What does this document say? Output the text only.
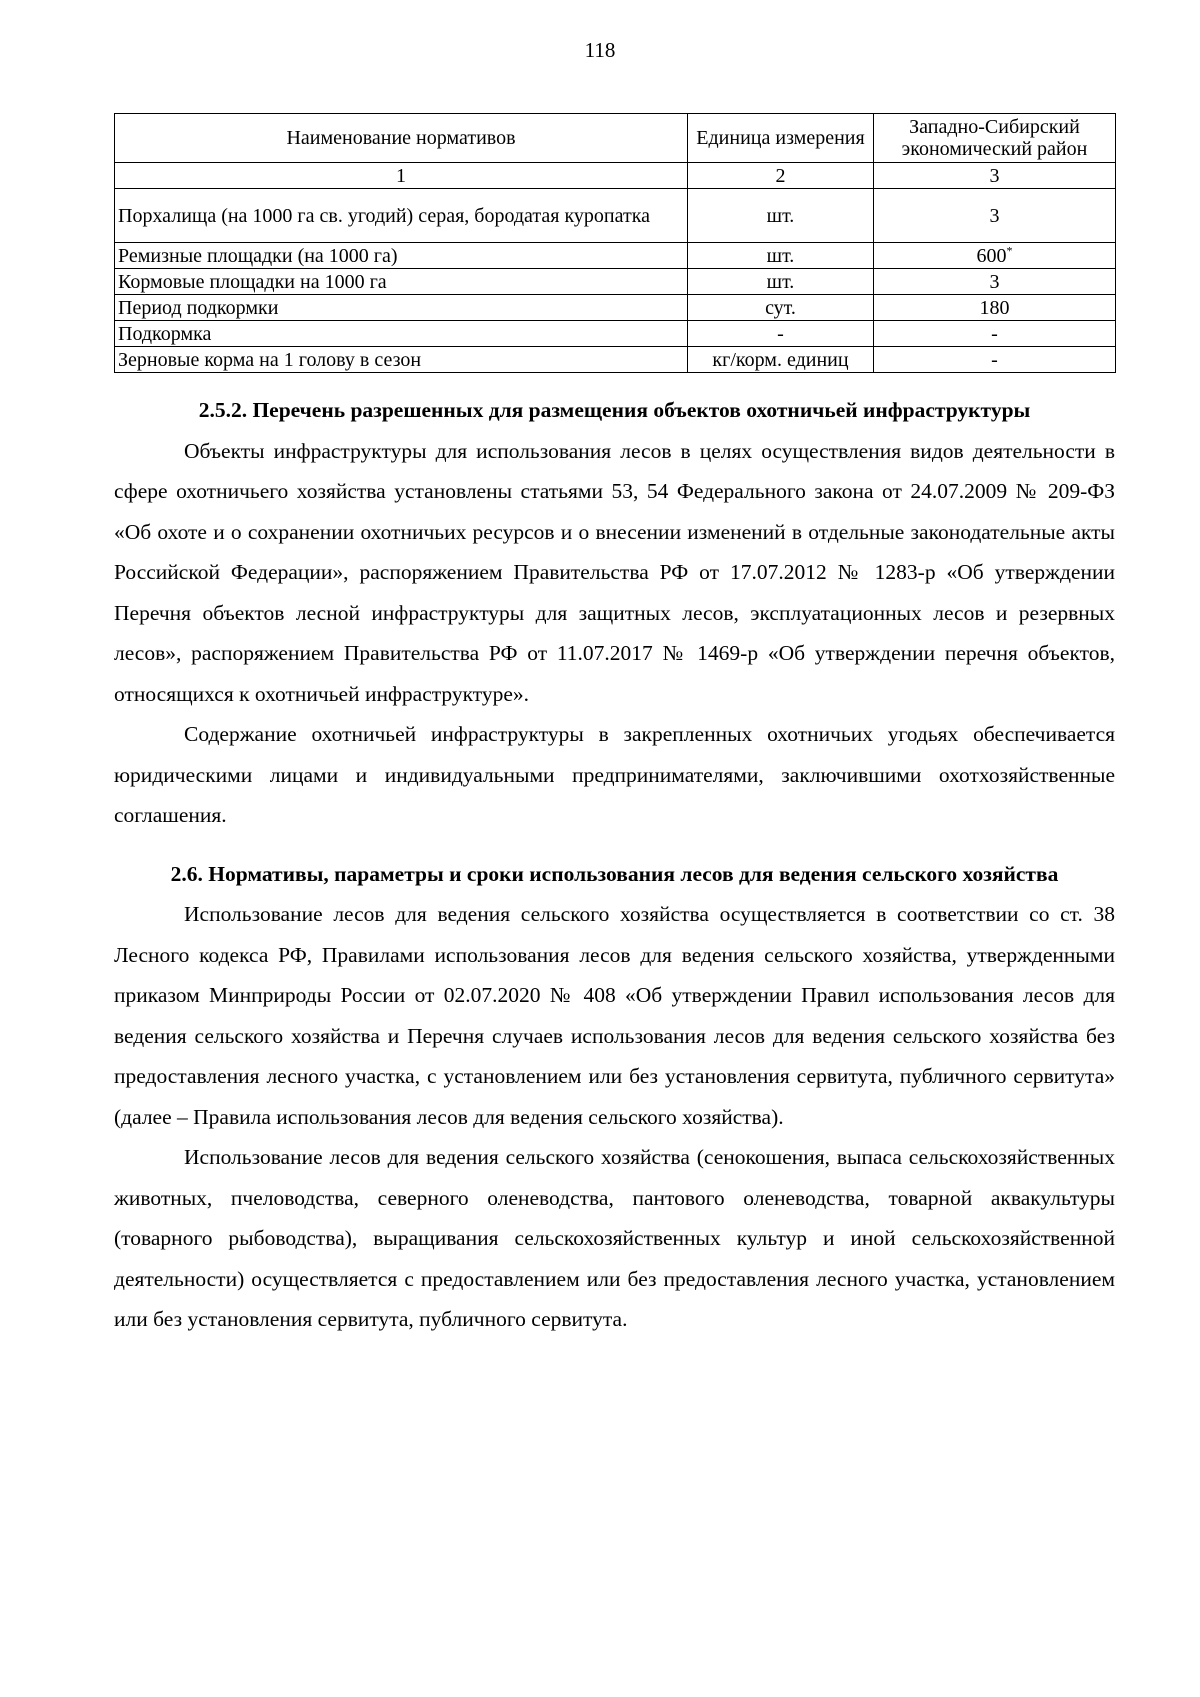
118
Наименование нормативов	Единица измерения	Западно-Сибирский экономический район
1	2	3
Порхалища (на 1000 га св. угодий) серая, бородатая куропатка	шт.	3
Ремизные площадки (на 1000 га)	шт.	600*
Кормовые площадки на 1000 га	шт.	3
Период подкормки	сут.	180
Подкормка	-	-
Зерновые корма на 1 голову в сезон	кг/корм. единиц	-
2.5.2. Перечень разрешенных для размещения объектов охотничьей инфраструктуры

Объекты инфраструктуры для использования лесов в целях осуществления видов деятельности в сфере охотничьего хозяйства установлены статьями 53, 54 Федерального закона от 24.07.2009 № 209-ФЗ «Об охоте и о сохранении охотничьих ресурсов и о внесении изменений в отдельные законодательные акты Российской Федерации», распоряжением Правительства РФ от 17.07.2012 № 1283-р «Об утверждении Перечня объектов лесной инфраструктуры для защитных лесов, эксплуатационных лесов и резервных лесов», распоряжением Правительства РФ от 11.07.2017 № 1469-р «Об утверждении перечня объектов, относящихся к охотничьей инфраструктуре».

Содержание охотничьей инфраструктуры в закрепленных охотничьих угодьях обеспечивается юридическими лицами и индивидуальными предпринимателями, заключившими охотхозяйственные соглашения.

2.6. Нормативы, параметры и сроки использования лесов для ведения сельского хозяйства

Использование лесов для ведения сельского хозяйства осуществляется в соответствии со ст. 38 Лесного кодекса РФ, Правилами использования лесов для ведения сельского хозяйства, утвержденными приказом Минприроды России от 02.07.2020 № 408 «Об утверждении Правил использования лесов для ведения сельского хозяйства и Перечня случаев использования лесов для ведения сельского хозяйства без предоставления лесного участка, с установлением или без установления сервитута, публичного сервитута» (далее – Правила использования лесов для ведения сельского хозяйства).

Использование лесов для ведения сельского хозяйства (сенокошения, выпаса сельскохозяйственных животных, пчеловодства, северного оленеводства, пантового оленеводства, товарной аквакультуры (товарного рыбоводства), выращивания сельскохозяйственных культур и иной сельскохозяйственной деятельности) осуществляется с предоставлением или без предоставления лесного участка, установлением или без установления сервитута, публичного сервитута.
